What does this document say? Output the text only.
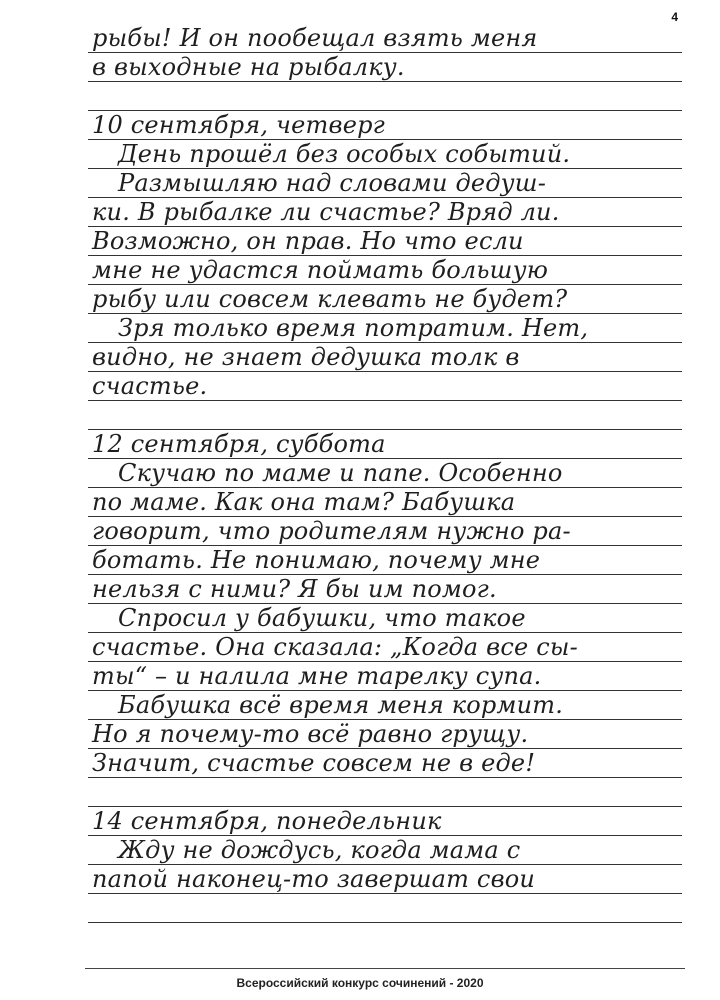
4
рыбы! И он пообещал взять меня
в выходные на рыбалку.
10 сентября, четверг
День прошёл без особых событий.
Размышляю над словами дедуш-
ки. В рыбалке ли счастье? Вряд ли.
Возможно, он прав. Но что если
мне не удастся поймать большую
рыбу или совсем клевать не будет?
Зря только время потратим. Нет,
видно, не знает дедушка толк в
счастье.
12 сентября, суббота
Скучаю по маме и папе. Особенно
по маме. Как она там? Бабушка
говорит, что родителям нужно ра-
ботать. Не понимаю, почему мне
нельзя с ними? Я бы им помог.
Спросил у бабушки, что такое
счастье. Она сказала: „Когда все сы-
ты“ – и налила мне тарелку супа.
Бабушка всё время меня кормит.
Но я почему-то всё равно грущу.
Значит, счастье совсем не в еде!
14 сентября, понедельник
Жду не дождусь, когда мама с
папой наконец-то завершат свои
Всероссийский конкурс сочинений - 2020
